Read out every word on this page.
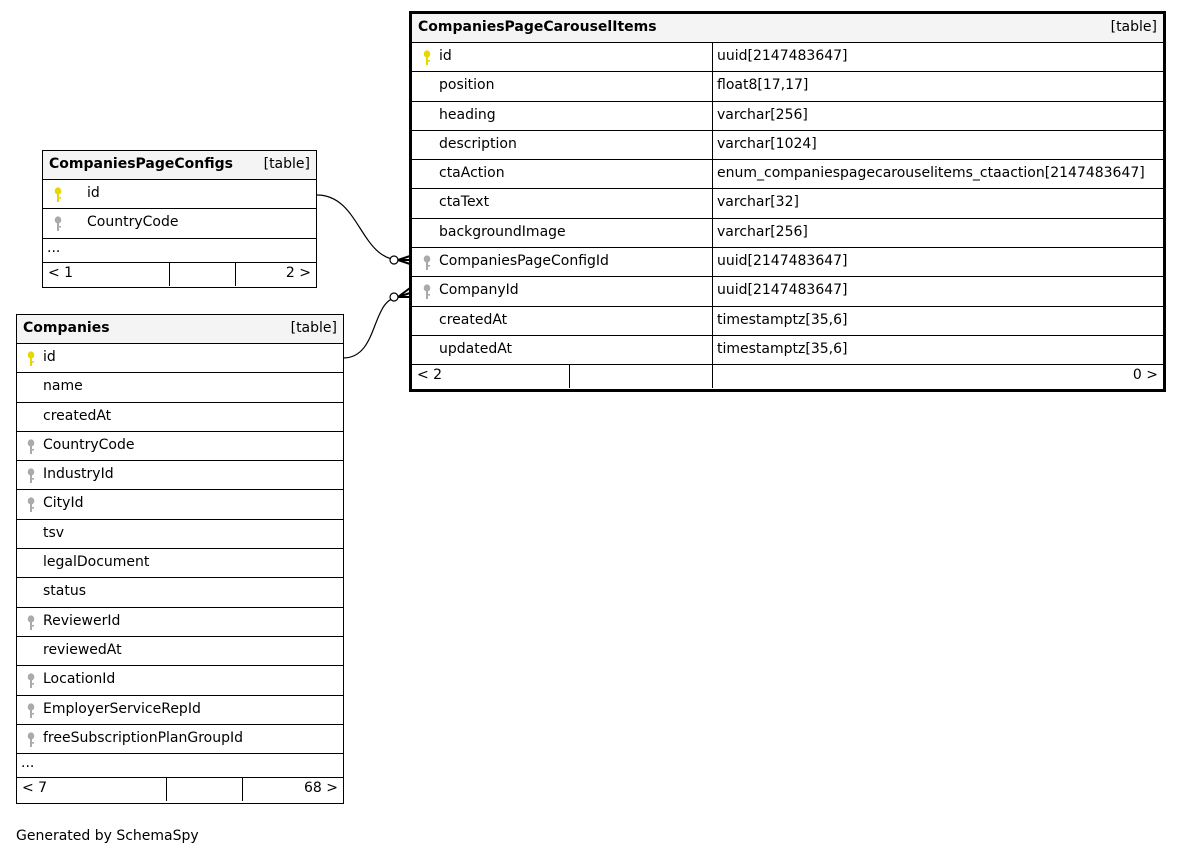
CompaniesPageCarouselItems	[table]
id	uuid[2147483647]
position	float8[17,17]
heading	varchar[256]
description	varchar[1024]
ctaAction	enum_companiespagecarouselitems_ctaaction[2147483647]
ctaText	varchar[32]
backgroundImage	varchar[256]
CompaniesPageConfigId	uuid[2147483647]
CompanyId	uuid[2147483647]
createdAt	timestamptz[35,6]
updatedAt	timestamptz[35,6]
< 2	0 >
CompaniesPageConfigs [table]
id
CountryCode
...
< 1	2 >
Companies	[table]
id
name
createdAt
CountryCode
IndustryId
CityId
tsv
legalDocument
status
ReviewerId
reviewedAt
LocationId
EmployerServiceRepId
freeSubscriptionPlanGroupId
...
< 7	68 >
Generated by SchemaSpy
